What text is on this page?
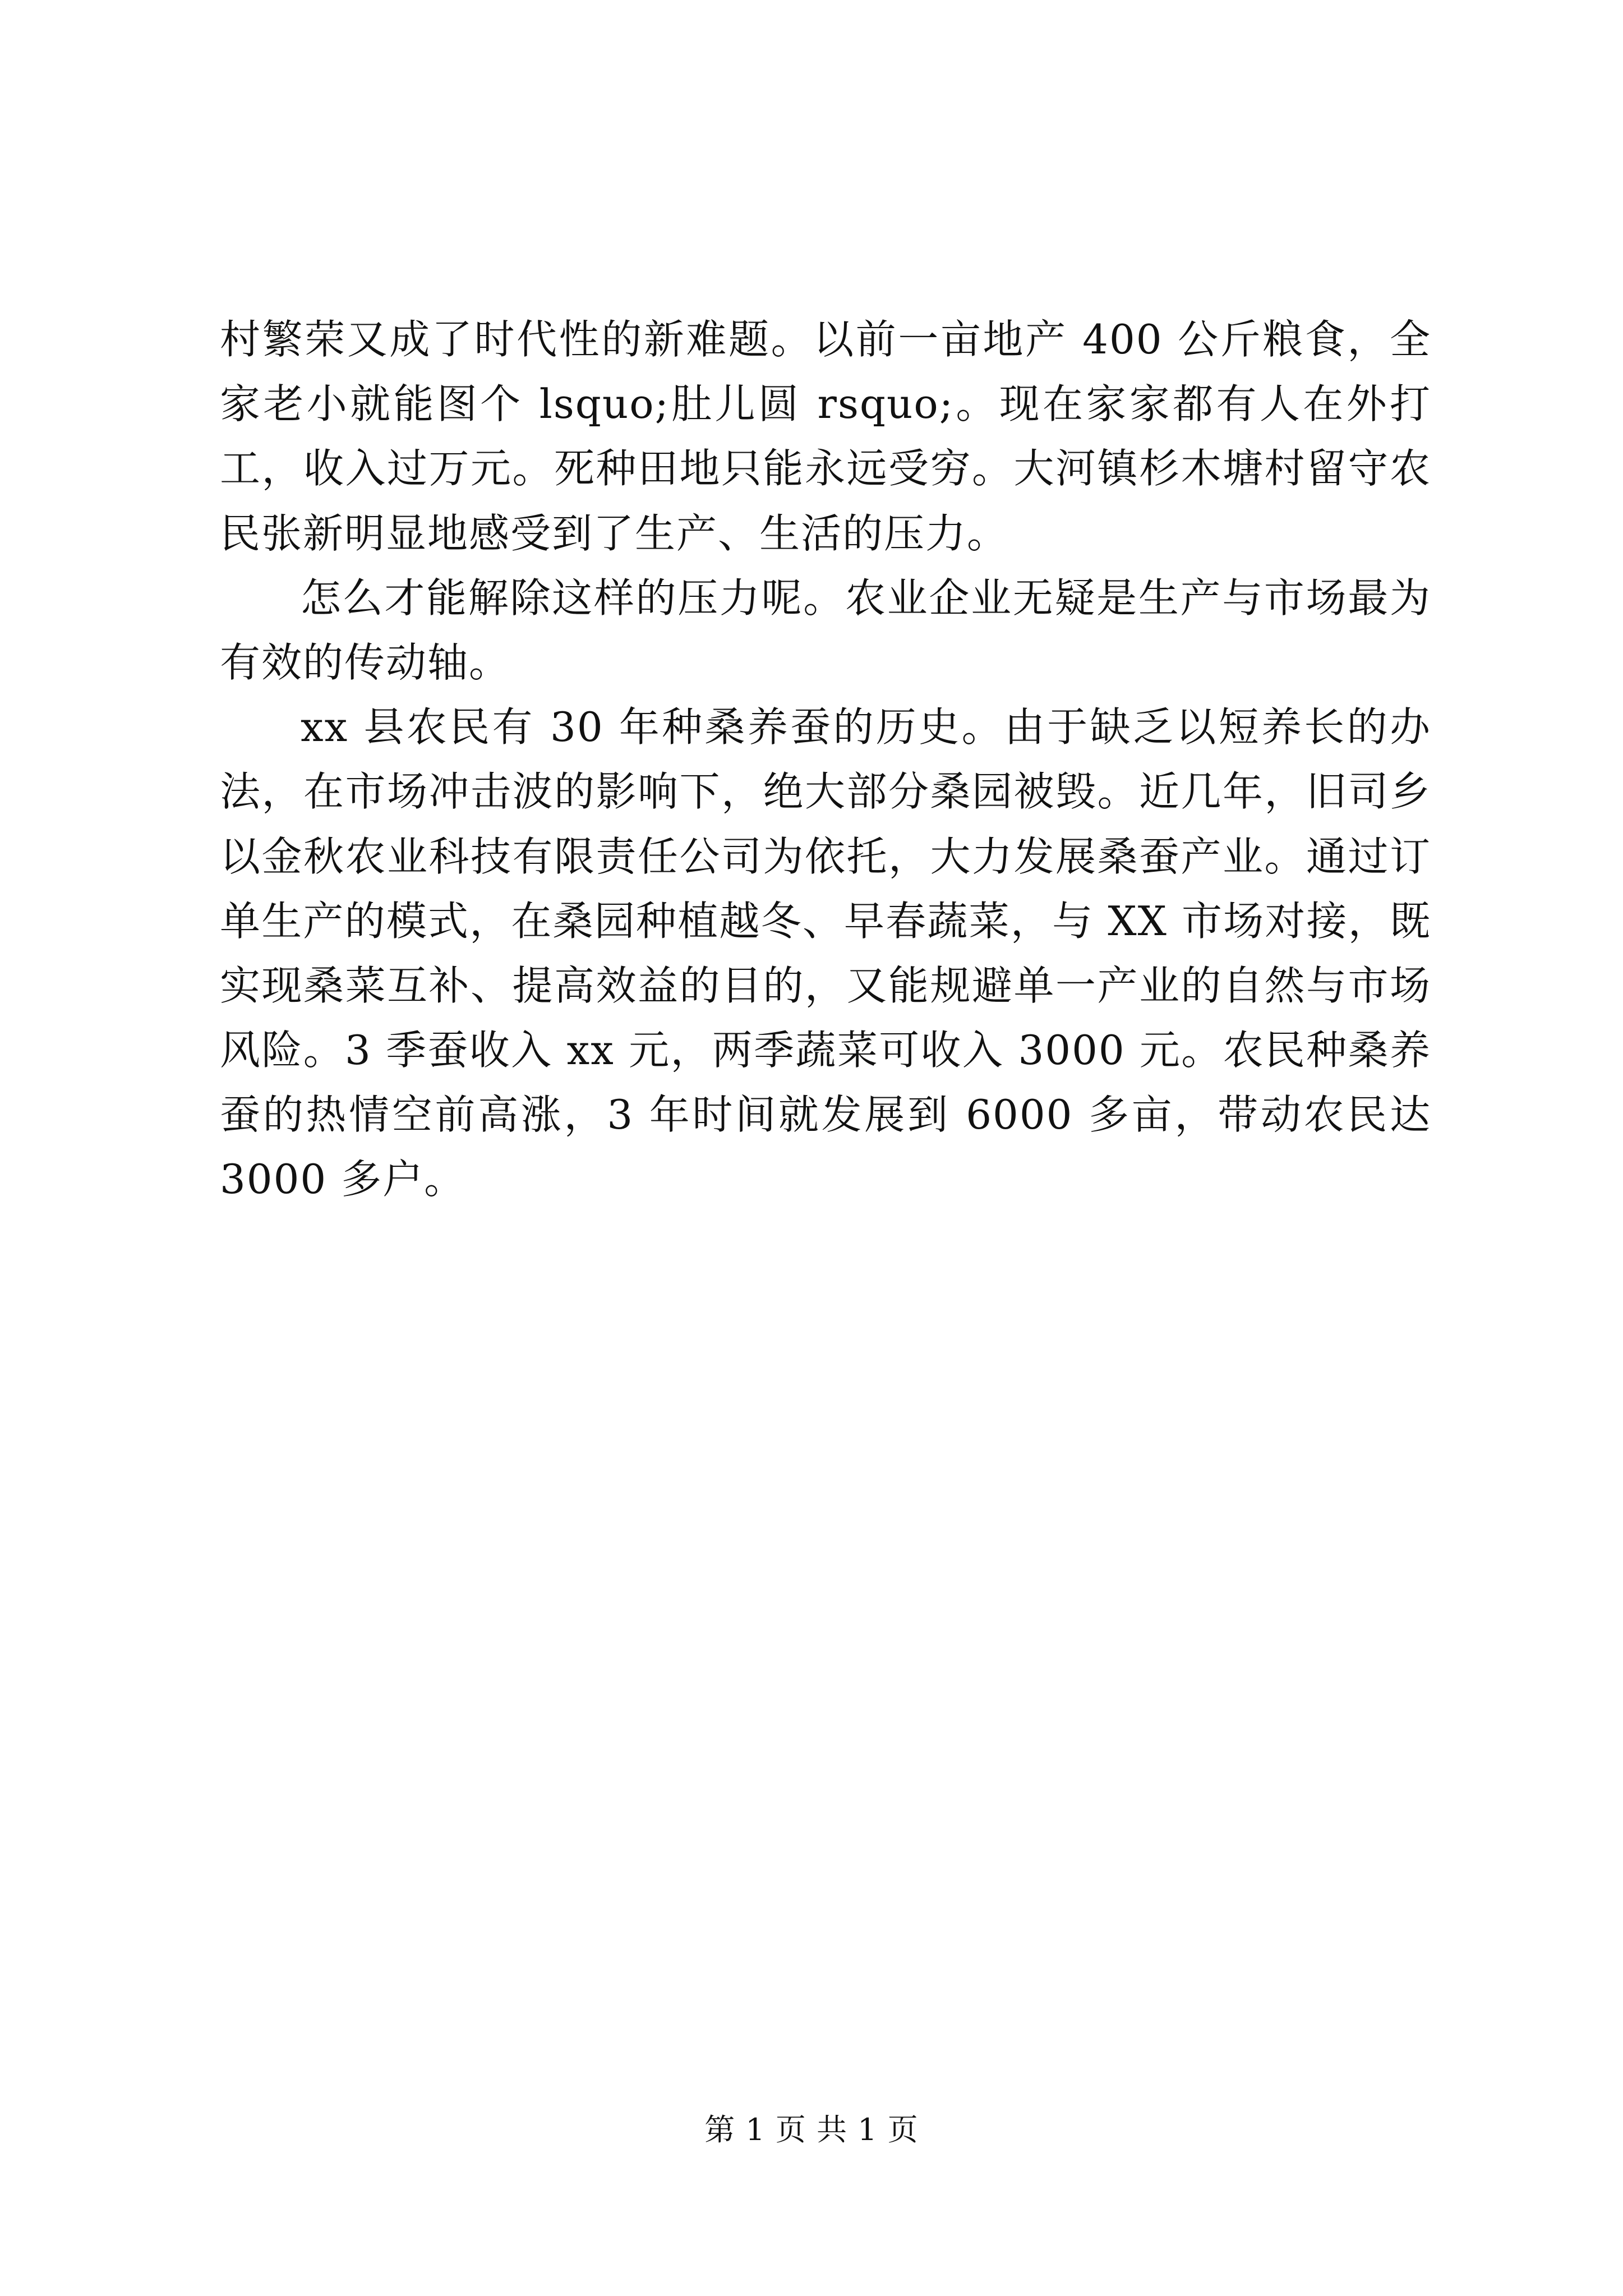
村繁荣又成了时代性的新难题。以前一亩地产 400 公斤粮食，全家老小就能图个 lsquo;肚儿圆 rsquo;。现在家家都有人在外打工，收入过万元。死种田地只能永远受穷。大河镇杉木塘村留守农民张新明显地感受到了生产、生活的压力。

怎么才能解除这样的压力呢。农业企业无疑是生产与市场最为有效的传动轴。

xx 县农民有 30 年种桑养蚕的历史。由于缺乏以短养长的办法，在市场冲击波的影响下，绝大部分桑园被毁。近几年，旧司乡以金秋农业科技有限责任公司为依托，大力发展桑蚕产业。通过订单生产的模式，在桑园种植越冬、早春蔬菜，与 XX 市场对接，既实现桑菜互补、提高效益的目的，又能规避单一产业的自然与市场风险。3 季蚕收入 xx 元，两季蔬菜可收入 3000 元。农民种桑养蚕的热情空前高涨，3 年时间就发展到 6000 多亩，带动农民达 3000 多户。

第 1 页 共 1 页
